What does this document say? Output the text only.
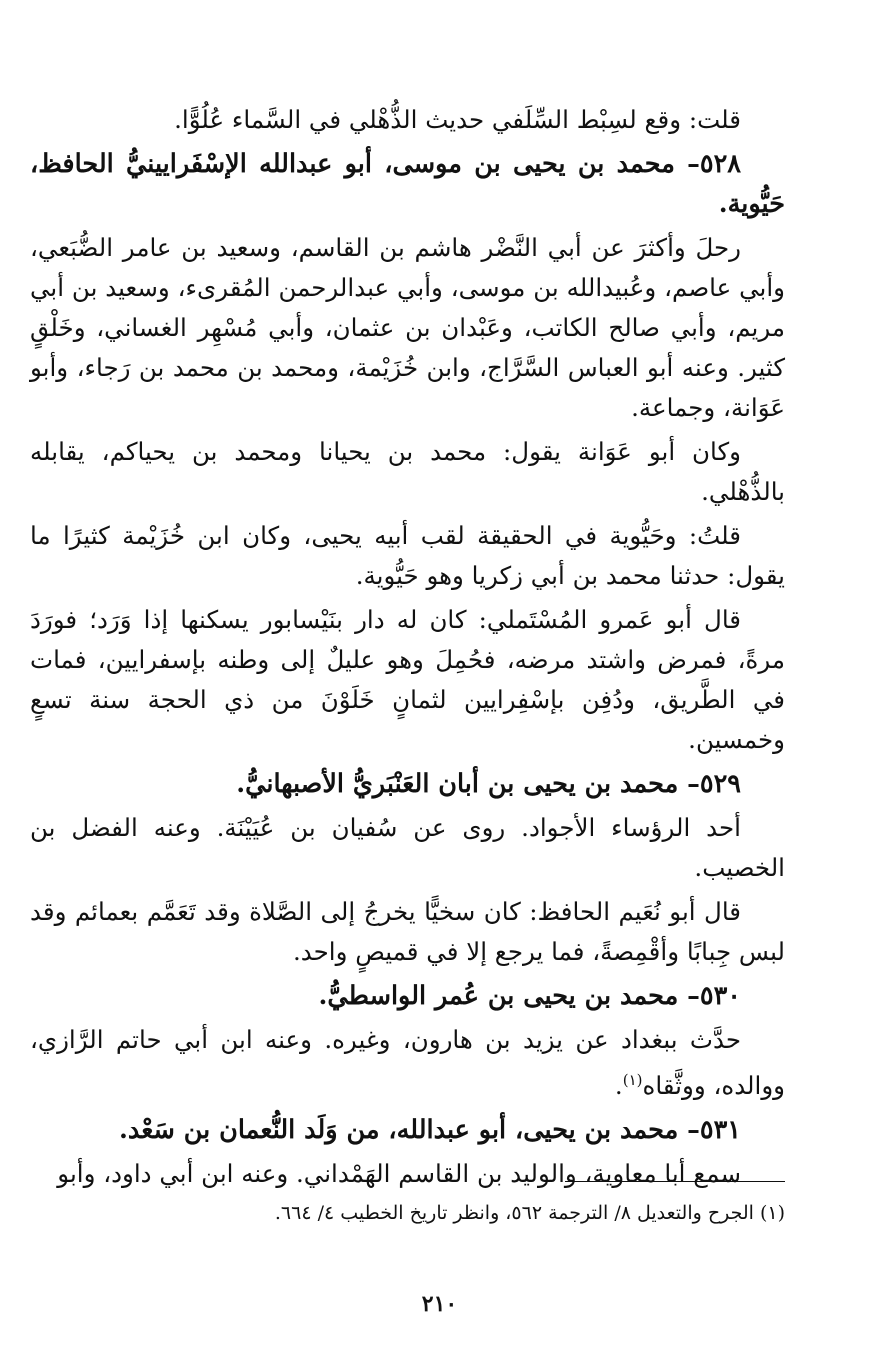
قلت: وقع لسِبْط السِّلَفي حديث الذُّهْلي في السَّماء عُلُوًّا.

٥٢٨– محمد بن يحيى بن موسى، أبو عبدالله الإسْفَرايينيُّ الحافظ، حَيُّوية.

رحلَ وأكثرَ عن أبي النَّضْر هاشم بن القاسم، وسعيد بن عامر الضُّبَعي، وأبي عاصم، وعُبيدالله بن موسى، وأبي عبدالرحمن المُقرىء، وسعيد بن أبي مريم، وأبي صالح الكاتب، وعَبْدان بن عثمان، وأبي مُسْهِر الغساني، وخَلْقٍ كثير. وعنه أبو العباس السَّرَّاج، وابن خُزَيْمة، ومحمد بن محمد بن رَجاء، وأبو عَوَانة، وجماعة.

وكان أبو عَوَانة يقول: محمد بن يحيانا ومحمد بن يحياكم، يقابله بالذُّهْلي.

قلتُ: وحَيُّوية في الحقيقة لقب أبيه يحيى، وكان ابن خُزَيْمة كثيرًا ما يقول: حدثنا محمد بن أبي زكريا وهو حَيُّوية.

قال أبو عَمرو المُسْتَملي: كان له دار بنَيْسابور يسكنها إذا وَرَد؛ فورَدَ مرةً، فمرض واشتد مرضه، فحُمِلَ وهو عليلٌ إلى وطنه بإسفرايين، فمات في الطَّريق، ودُفِن بإسْفِرايين لثمانٍ خَلَوْنَ من ذي الحجة سنة تسعٍ وخمسين.

٥٢٩– محمد بن يحيى بن أبان العَنْبَريُّ الأصبهانيُّ.

أحد الرؤساء الأجواد. روى عن سُفيان بن عُيَيْنَة. وعنه الفضل بن الخصيب.

قال أبو نُعَيم الحافظ: كان سخيًّا يخرجُ إلى الصَّلاة وقد تَعَمَّم بعمائم وقد لبس جِبابًا وأقْمِصةً، فما يرجع إلا في قميصٍ واحد.

٥٣٠– محمد بن يحيى بن عُمر الواسطيُّ.

حدَّث ببغداد عن يزيد بن هارون، وغيره. وعنه ابن أبي حاتم الرَّازي، ووالده، ووثَّقاه$^{(١)}$.

٥٣١– محمد بن يحيى، أبو عبدالله، من وَلَد النُّعمان بن سَعْد.

سمع أبا معاوية، والوليد بن القاسم الهَمْداني. وعنه ابن أبي داود، وأبو

(١) الجرح والتعديل ٨/ الترجمة ٥٦٢، وانظر تاريخ الخطيب ٤/ ٦٦٤.
٢١٠
